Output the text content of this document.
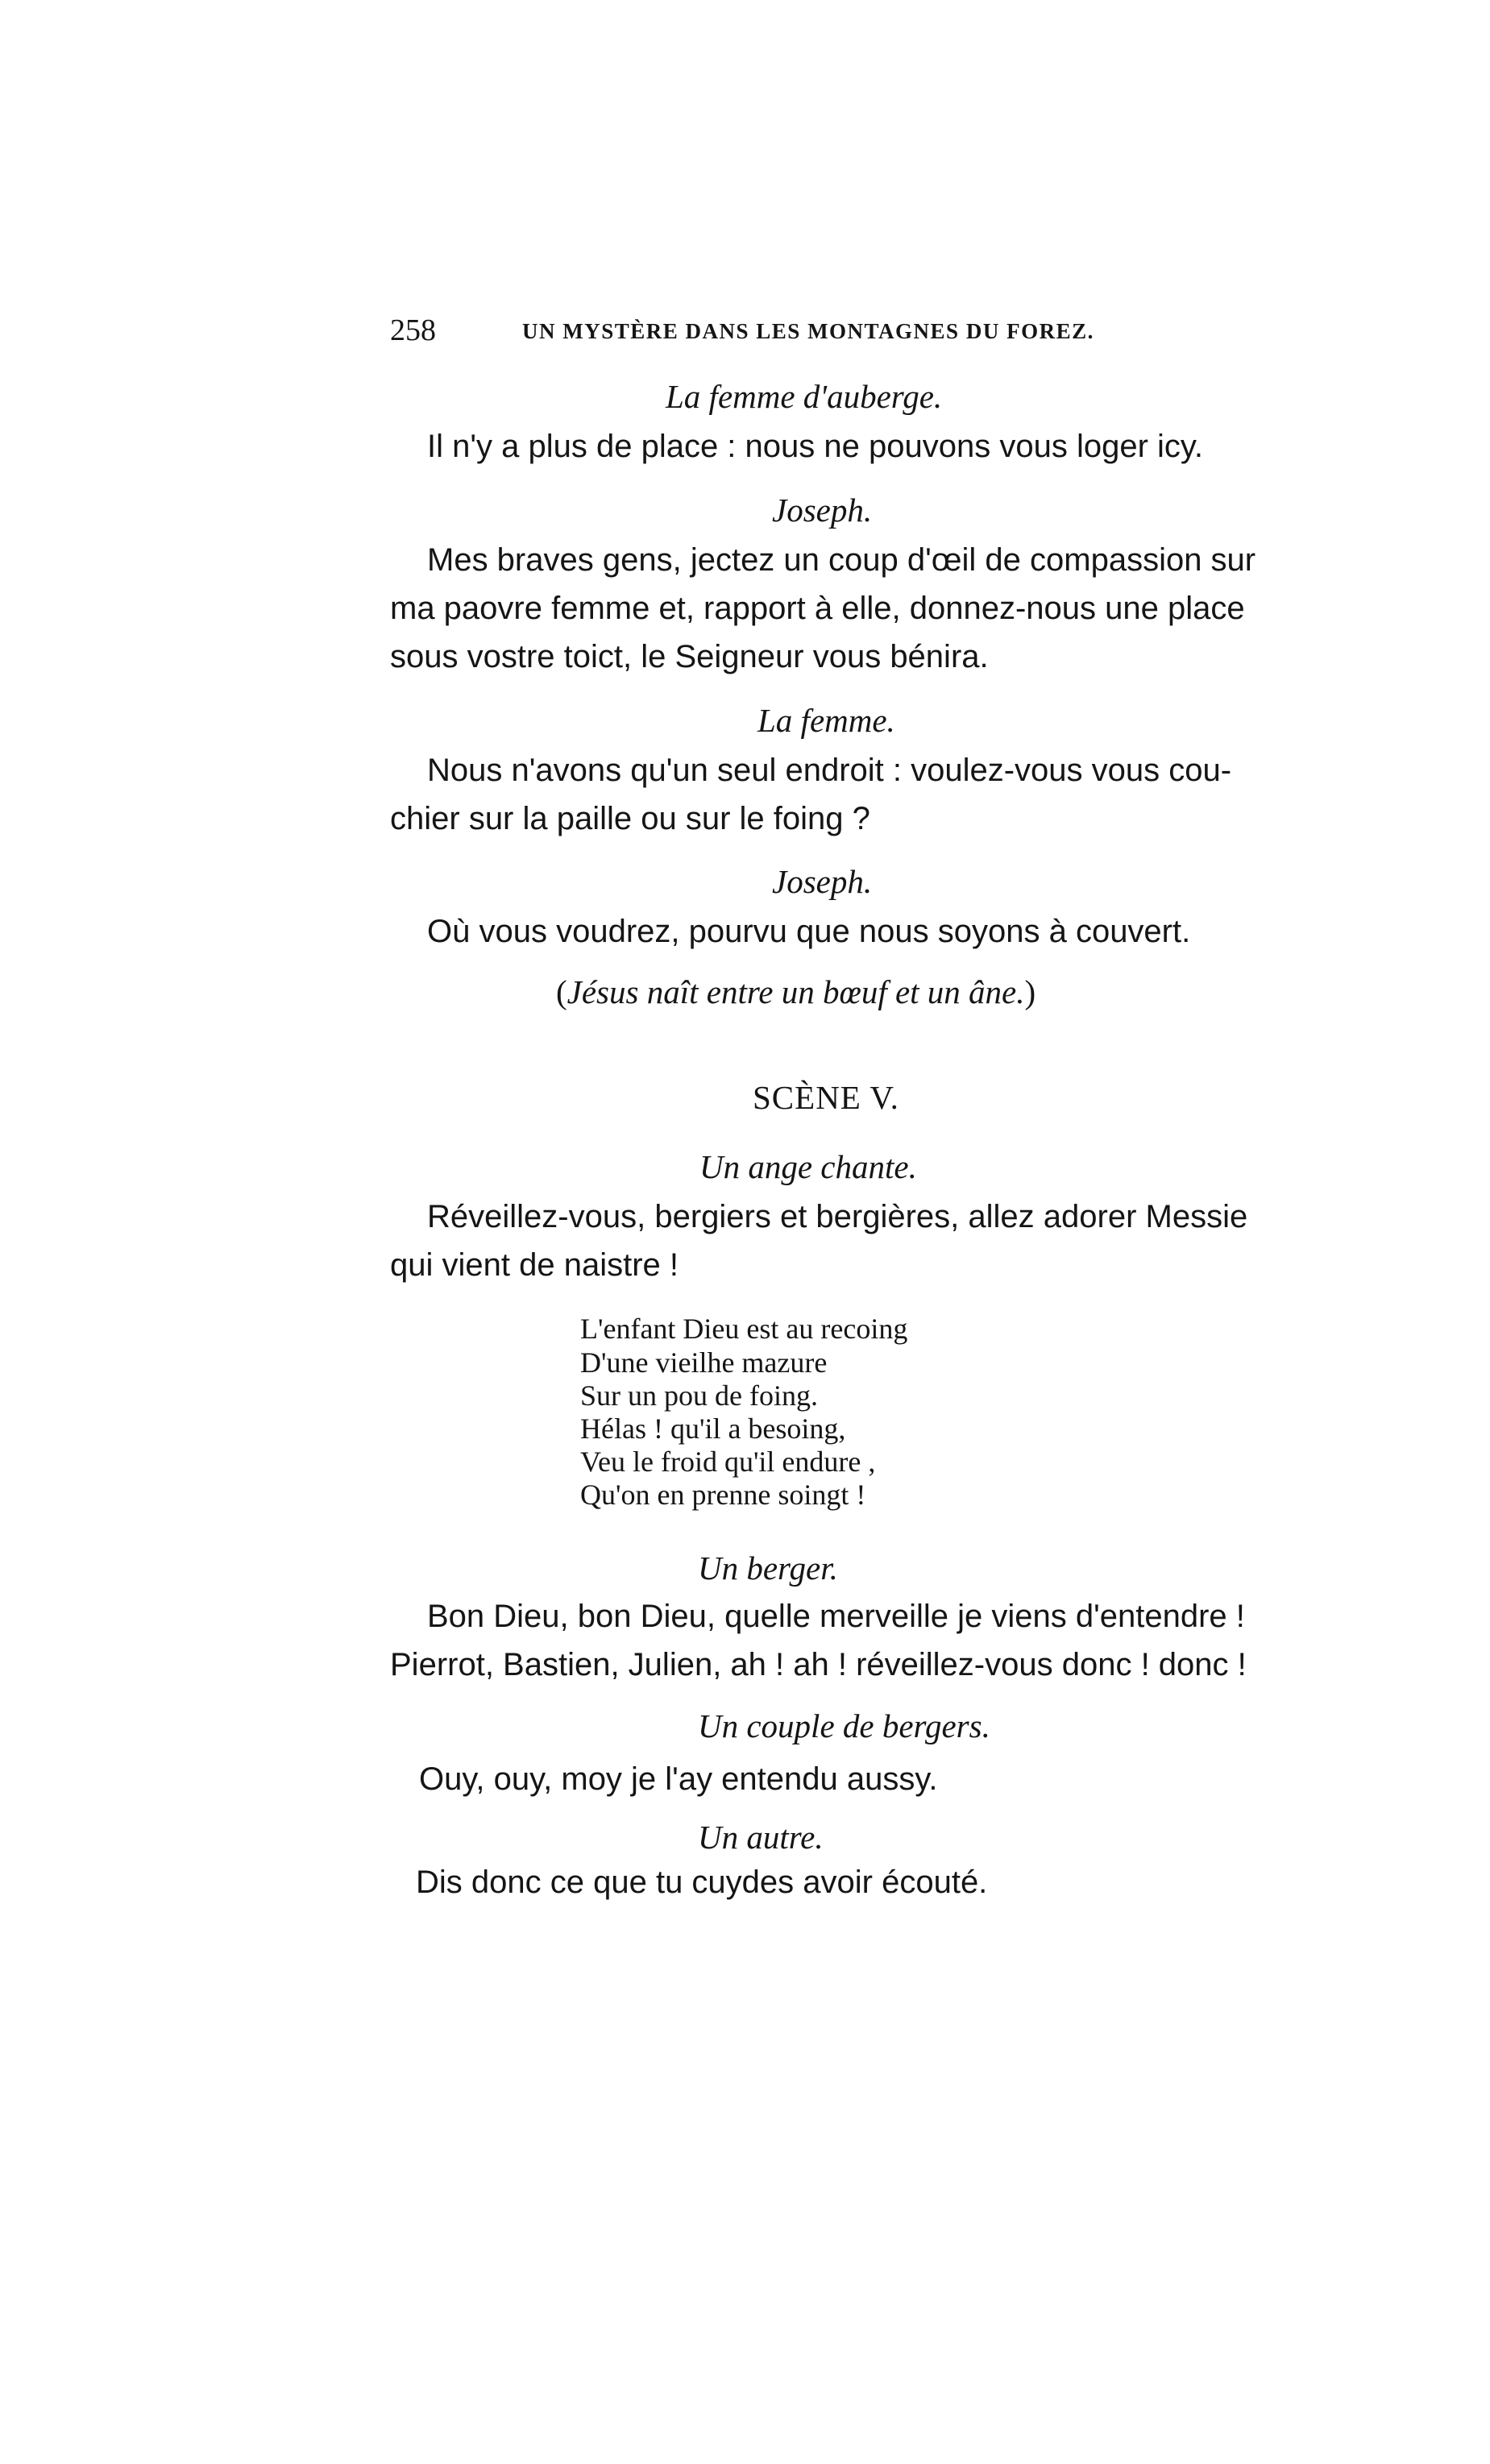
258	UN MYSTÈRE DANS LES MONTAGNES DU FOREZ.

La femme d'auberge.

Il n'y a plus de place : nous ne pouvons vous loger icy.

Joseph.

Mes braves gens, jectez un coup d'œil de compassion sur

ma paovre femme et, rapport à elle, donnez-nous une place

sous vostre toict, le Seigneur vous bénira.

La femme.

Nous n'avons qu'un seul endroit : voulez-vous vous cou-

chier sur la paille ou sur le foing ?

Joseph.

Où vous voudrez, pourvu que nous soyons à couvert.

(Jésus naît entre un bœuf et un âne.)

SCÈNE V.

Un ange chante.

Réveillez-vous, bergiers et bergières, allez adorer Messie

qui vient de naistre !

L'enfant Dieu est au recoing

D'une vieilhe mazure

Sur un pou de foing.

Hélas ! qu'il a besoing,

Veu le froid qu'il endure ,

Qu'on en prenne soingt !

Un berger.

Bon Dieu, bon Dieu, quelle merveille je viens d'entendre !

Pierrot, Bastien, Julien, ah ! ah ! réveillez-vous donc ! donc !

Un couple de bergers.

Ouy, ouy, moy je l'ay entendu aussy.

Un autre.

Dis donc ce que tu cuydes avoir écouté.
